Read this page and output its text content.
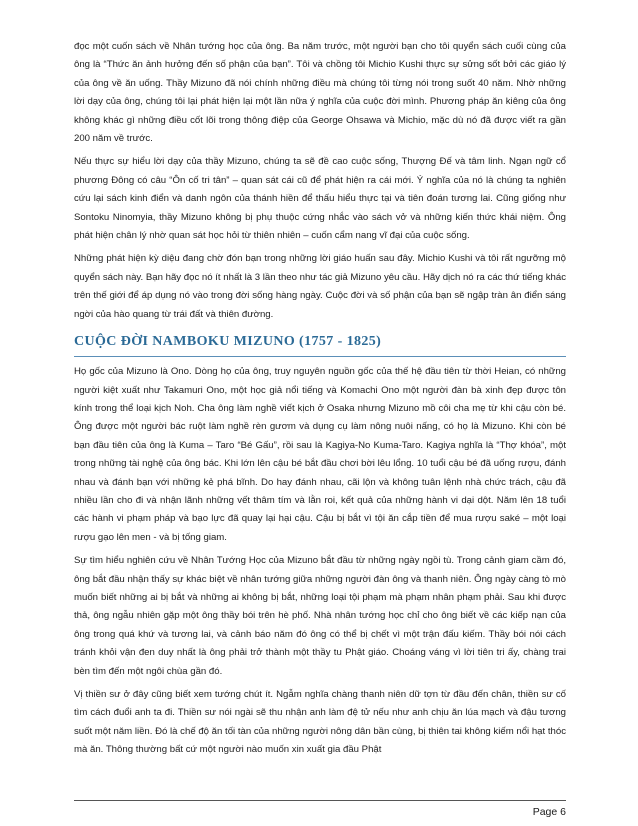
đọc một cuốn sách về Nhân tướng học của ông. Ba năm trước, một người bạn cho tôi quyển sách cuối cùng của ông là “Thức ăn ảnh hưởng đến số phận của bạn”. Tôi và chồng tôi Michio Kushi thực sự sửng sốt bởi các giáo lý của ông về ăn uống. Thầy Mizuno đã nói chính những điều mà chúng tôi từng nói trong suốt 40 năm. Nhờ những lời dạy của ông, chúng tôi lại phát hiện lại một lần nữa ý nghĩa của cuộc đời mình. Phương pháp ăn kiêng của ông không khác gì những điều cốt lõi trong thông điệp của George Ohsawa và Michio, mặc dù nó đã được viết ra gần 200 năm về trước.

Nếu thực sự hiểu lời dạy của thầy Mizuno, chúng ta sẽ đề cao cuộc sống, Thượng Đế và tâm linh. Ngạn ngữ cổ phương Đông có câu “Ôn cố tri tân” – quan sát cái cũ để phát hiện ra cái mới. Ý nghĩa của nó là chúng ta nghiên cứu lại sách kinh điển và danh ngôn của thánh hiền để thấu hiểu thực tại và tiên đoán tương lai. Cũng giống như Sontoku Ninomyia, thầy Mizuno không bị phụ thuộc cứng nhắc vào sách vở và những kiến thức khái niệm. Ông phát hiện chân lý nhờ quan sát học hỏi từ thiên nhiên – cuốn cẩm nang vĩ đại của cuộc sống.

Những phát hiện kỳ diệu đang chờ đón bạn trong những lời giáo huấn sau đây. Michio Kushi và tôi rất ngưỡng mộ quyển sách này. Bạn hãy đọc nó ít nhất là 3 lần theo như tác giả Mizuno yêu cầu. Hãy dịch nó ra các thứ tiếng khác trên thế giới để áp dụng nó vào trong đời sống hàng ngày. Cuộc đời và số phận của bạn sẽ ngập tràn ân điển sáng ngời của hào quang từ trái đất và thiên đường.

CUỘC ĐỜI NAMBOKU MIZUNO (1757 - 1825)

Họ gốc của Mizuno là Ono. Dòng họ của ông, truy nguyên nguồn gốc của thế hệ đầu tiên từ thời Heian, có những người kiệt xuất như Takamuri Ono, một học giả nổi tiếng và Komachi Ono một người đàn bà xinh đẹp được tôn kính trong thể loại kịch Noh. Cha ông làm nghề viết kịch ở Osaka nhưng Mizuno mồ côi cha mẹ từ khi cậu còn bé. Ông được một người bác ruột làm nghề rèn gươm và dụng cụ làm nông nuôi nấng, có họ là Mizuno. Khi còn bé bạn đầu tiên của ông là Kuma – Taro “Bé Gấu”, rồi sau là Kagiya-No Kuma-Taro. Kagiya nghĩa là “Thợ khóa”, một trong những tài nghệ của ông bác. Khi lớn lên cậu bé bắt đầu chơi bời lêu lổng. 10 tuổi cậu bé đã uống rượu, đánh nhau và đánh bạn với những kẻ phá bĩnh. Do hay đánh nhau, cãi lộn và không tuân lệnh nhà chức trách, cậu đã nhiều lần cho đi và nhận lãnh những vết thâm tím và lằn roi, kết quả của những hành vi dại dột. Năm lên 18 tuổi các hành vi phạm pháp và bạo lực đã quay lại hại cậu. Cậu bị bắt vì tội ăn cắp tiền để mua rượu saké – một loại rượu gạo lên men - và bị tống giam.

Sự tìm hiểu nghiên cứu về Nhân Tướng Học của Mizuno bắt đầu từ những ngày ngồi tù. Trong cảnh giam cầm đó, ông bắt đầu nhận thấy sự khác biệt về nhân tướng giữa những người đàn ông và thanh niên. Ông ngày càng tò mò muốn biết những ai bị bắt và những ai không bị bắt, những loại tội phạm mà phạm nhân phạm phải. Sau khi được thả, ông ngẫu nhiên gặp một ông thầy bói trên hè phố. Nhà nhân tướng học chỉ cho ông biết về các kiếp nạn của ông trong quá khứ và tương lai, và cảnh báo năm đó ông có thể bị chết vì một trận đấu kiếm. Thầy bói nói cách tránh khỏi vận đen duy nhất là ông phải trở thành một thầy tu Phật giáo. Choáng váng vì lời tiên tri ấy, chàng trai bèn tìm đến một ngôi chùa gần đó.

Vị thiền sư ở đây cũng biết xem tướng chút ít. Ngẫm nghĩa chàng thanh niên dữ tợn từ đầu đến chân, thiền sư cố tìm cách đuổi anh ta đi. Thiền sư nói ngài sẽ thu nhận anh làm đệ tử nếu như anh chịu ăn lúa mạch và đậu tương suốt một năm liền. Đó là chế độ ăn tối tàn của những người nông dân bần cùng, bị thiên tai không kiếm nổi hạt thóc mà ăn. Thông thường bất cứ một người nào muốn xin xuất gia đầu Phật

Page 6
